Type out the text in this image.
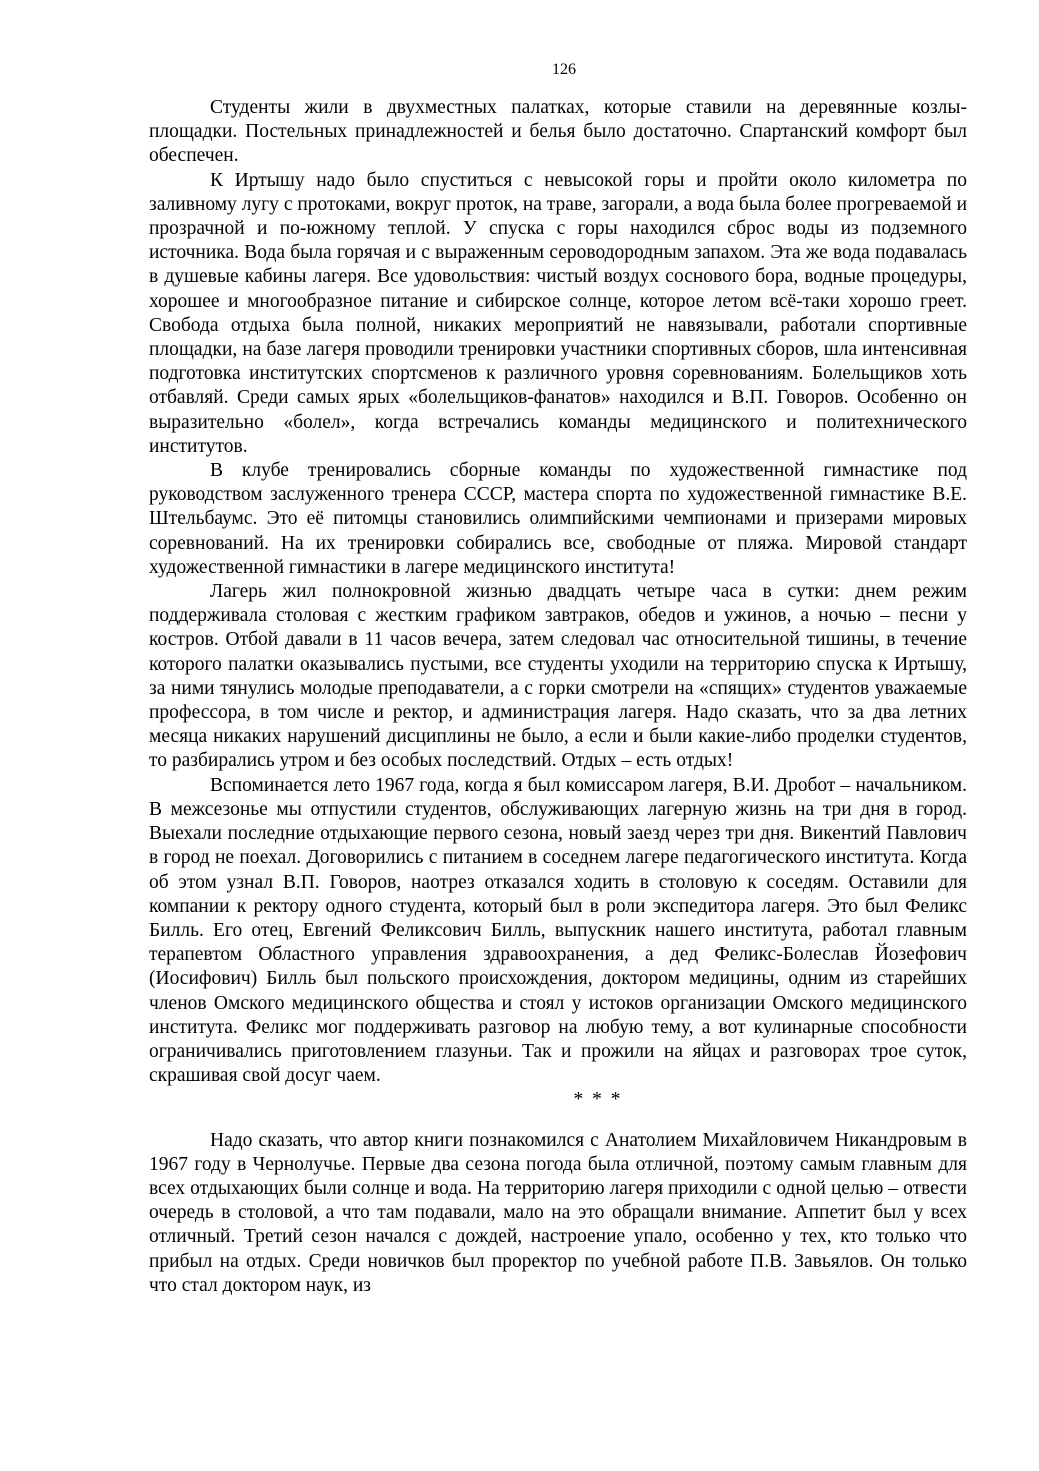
126

Студенты жили в двухместных палатках, которые ставили на деревянные козлы-площадки. Постельных принадлежностей и белья было достаточно. Спартанский комфорт был обеспечен.

К Иртышу надо было спуститься с невысокой горы и пройти около километра по заливному лугу с протоками, вокруг проток, на траве, загорали, а вода была более прогреваемой и прозрачной и по-южному теплой. У спуска с горы находился сброс воды из подземного источника. Вода была горячая и с выраженным сероводородным запахом. Эта же вода подавалась в душевые кабины лагеря. Все удовольствия: чистый воздух соснового бора, водные процедуры, хорошее и многообразное питание и сибирское солнце, которое летом всё-таки хорошо греет. Свобода отдыха была полной, никаких мероприятий не навязывали, работали спортивные площадки, на базе лагеря проводили тренировки участники спортивных сборов, шла интенсивная подготовка институтских спортсменов к различного уровня соревнованиям. Болельщиков хоть отбавляй. Среди самых ярых «болельщиков-фанатов» находился и В.П. Говоров. Особенно он выразительно «болел», когда встречались команды медицинского и политехнического институтов.

В клубе тренировались сборные команды по художественной гимнастике под руководством заслуженного тренера СССР, мастера спорта по художественной гимнастике В.Е. Штельбаумс. Это её питомцы становились олимпийскими чемпионами и призерами мировых соревнований. На их тренировки собирались все, свободные от пляжа. Мировой стандарт художественной гимнастики в лагере медицинского института!

Лагерь жил полнокровной жизнью двадцать четыре часа в сутки: днем режим поддерживала столовая с жестким графиком завтраков, обедов и ужинов, а ночью – песни у костров. Отбой давали в 11 часов вечера, затем следовал час относительной тишины, в течение которого палатки оказывались пустыми, все студенты уходили на территорию спуска к Иртышу, за ними тянулись молодые преподаватели, а с горки смотрели на «спящих» студентов уважаемые профессора, в том числе и ректор, и администрация лагеря. Надо сказать, что за два летних месяца никаких нарушений дисциплины не было, а если и были какие-либо проделки студентов, то разбирались утром и без особых последствий. Отдых – есть отдых!

Вспоминается лето 1967 года, когда я был комиссаром лагеря, В.И. Дробот – начальником. В межсезонье мы отпустили студентов, обслуживающих лагерную жизнь на три дня в город. Выехали последние отдыхающие первого сезона, новый заезд через три дня. Викентий Павлович в город не поехал. Договорились с питанием в соседнем лагере педагогического института. Когда об этом узнал В.П. Говоров, наотрез отказался ходить в столовую к соседям. Оставили для компании к ректору одного студента, который был в роли экспедитора лагеря. Это был Феликс Билль. Его отец, Евгений Феликсович Билль, выпускник нашего института, работал главным терапевтом Областного управления здравоохранения, а дед Феликс-Болеслав Йозефович (Иосифович) Билль был польского происхождения, доктором медицины, одним из старейших членов Омского медицинского общества и стоял у истоков организации Омского медицинского института. Феликс мог поддерживать разговор на любую тему, а вот кулинарные способности ограничивались приготовлением глазуньи. Так и прожили на яйцах и разговорах трое суток, скрашивая свой досуг чаем.

* * *

Надо сказать, что автор книги познакомился с Анатолием Михайловичем Никандровым в 1967 году в Чернолучье. Первые два сезона погода была отличной, поэтому самым главным для всех отдыхающих были солнце и вода. На территорию лагеря приходили с одной целью – отвести очередь в столовой, а что там подавали, мало на это обращали внимание. Аппетит был у всех отличный. Третий сезон начался с дождей, настроение упало, особенно у тех, кто только что прибыл на отдых. Среди новичков был проректор по учебной работе П.В. Завьялов. Он только что стал доктором наук, из
